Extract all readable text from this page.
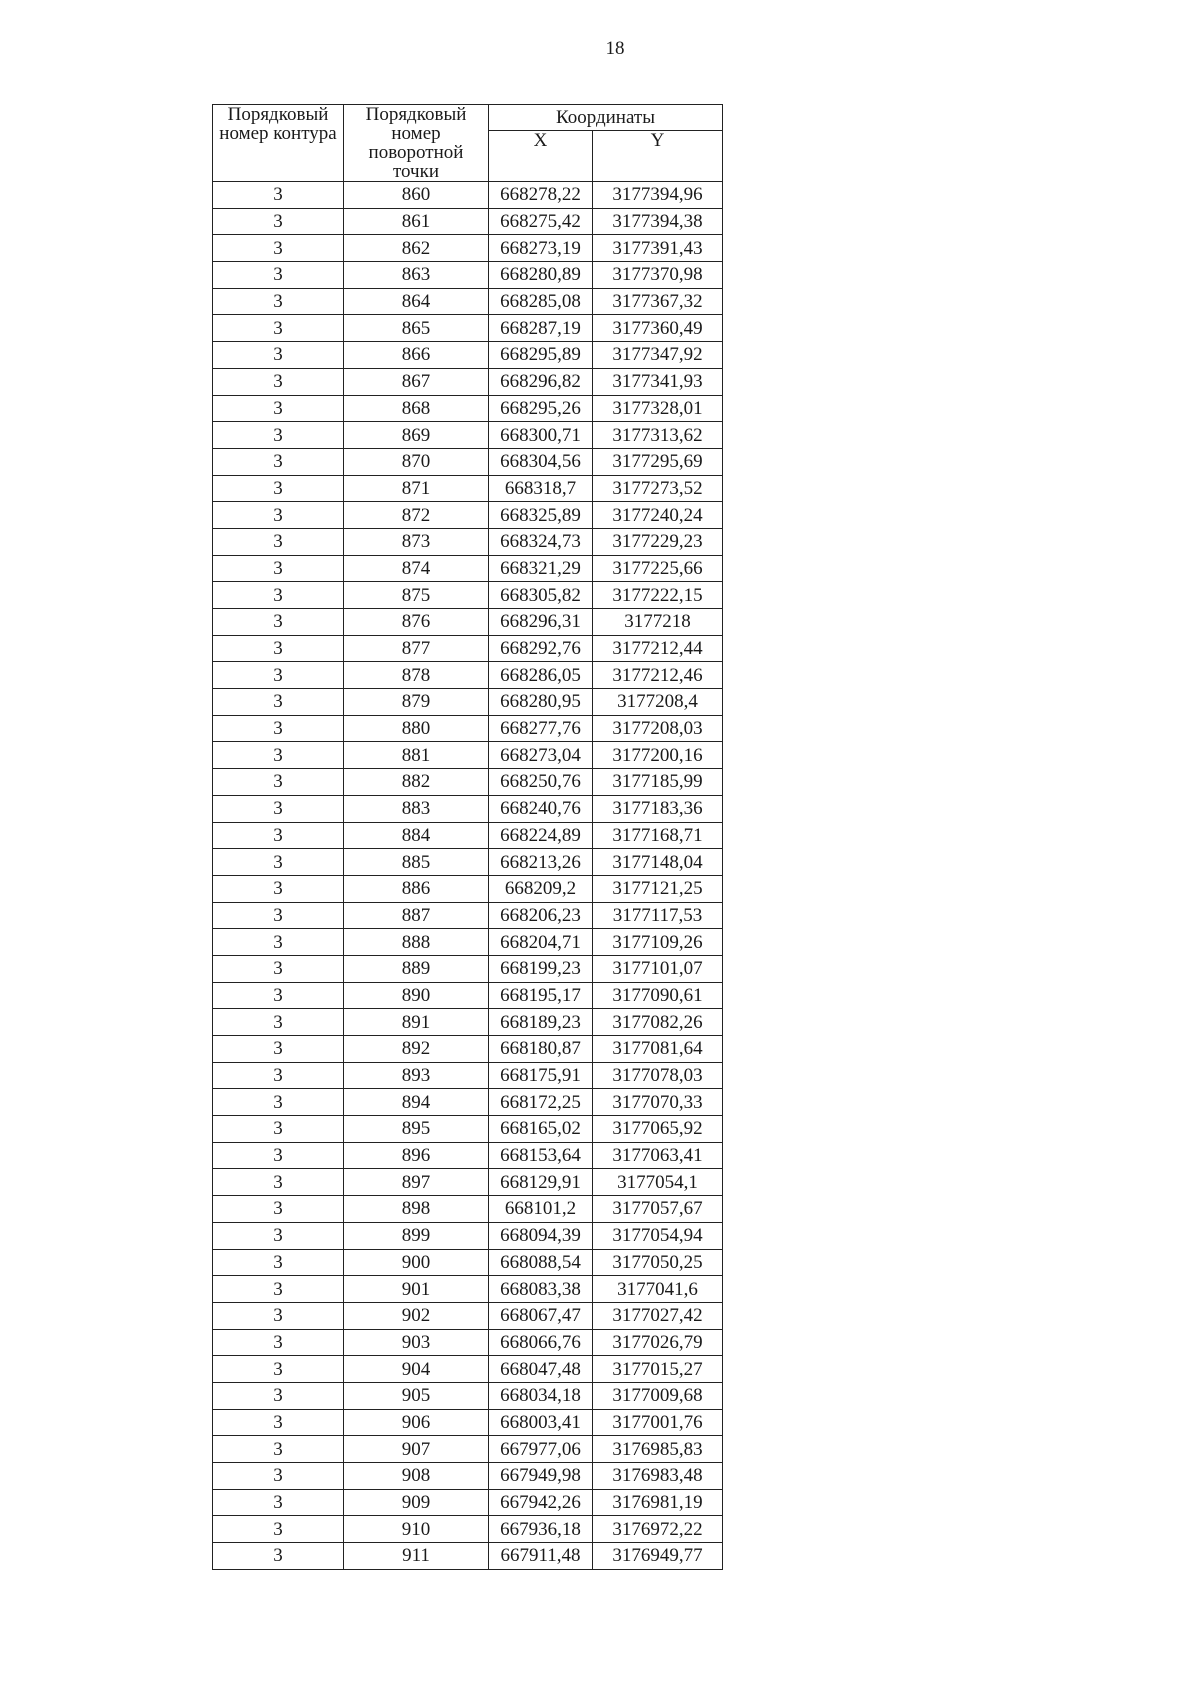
18
Порядковый
номер контура	Порядковый
номер
поворотной
точки	Координаты	
		X	Y
3	860	668278,22	3177394,96
3	861	668275,42	3177394,38
3	862	668273,19	3177391,43
3	863	668280,89	3177370,98
3	864	668285,08	3177367,32
3	865	668287,19	3177360,49
3	866	668295,89	3177347,92
3	867	668296,82	3177341,93
3	868	668295,26	3177328,01
3	869	668300,71	3177313,62
3	870	668304,56	3177295,69
3	871	668318,7	3177273,52
3	872	668325,89	3177240,24
3	873	668324,73	3177229,23
3	874	668321,29	3177225,66
3	875	668305,82	3177222,15
3	876	668296,31	3177218
3	877	668292,76	3177212,44
3	878	668286,05	3177212,46
3	879	668280,95	3177208,4
3	880	668277,76	3177208,03
3	881	668273,04	3177200,16
3	882	668250,76	3177185,99
3	883	668240,76	3177183,36
3	884	668224,89	3177168,71
3	885	668213,26	3177148,04
3	886	668209,2	3177121,25
3	887	668206,23	3177117,53
3	888	668204,71	3177109,26
3	889	668199,23	3177101,07
3	890	668195,17	3177090,61
3	891	668189,23	3177082,26
3	892	668180,87	3177081,64
3	893	668175,91	3177078,03
3	894	668172,25	3177070,33
3	895	668165,02	3177065,92
3	896	668153,64	3177063,41
3	897	668129,91	3177054,1
3	898	668101,2	3177057,67
3	899	668094,39	3177054,94
3	900	668088,54	3177050,25
3	901	668083,38	3177041,6
3	902	668067,47	3177027,42
3	903	668066,76	3177026,79
3	904	668047,48	3177015,27
3	905	668034,18	3177009,68
3	906	668003,41	3177001,76
3	907	667977,06	3176985,83
3	908	667949,98	3176983,48
3	909	667942,26	3176981,19
3	910	667936,18	3176972,22
3	911	667911,48	3176949,77
